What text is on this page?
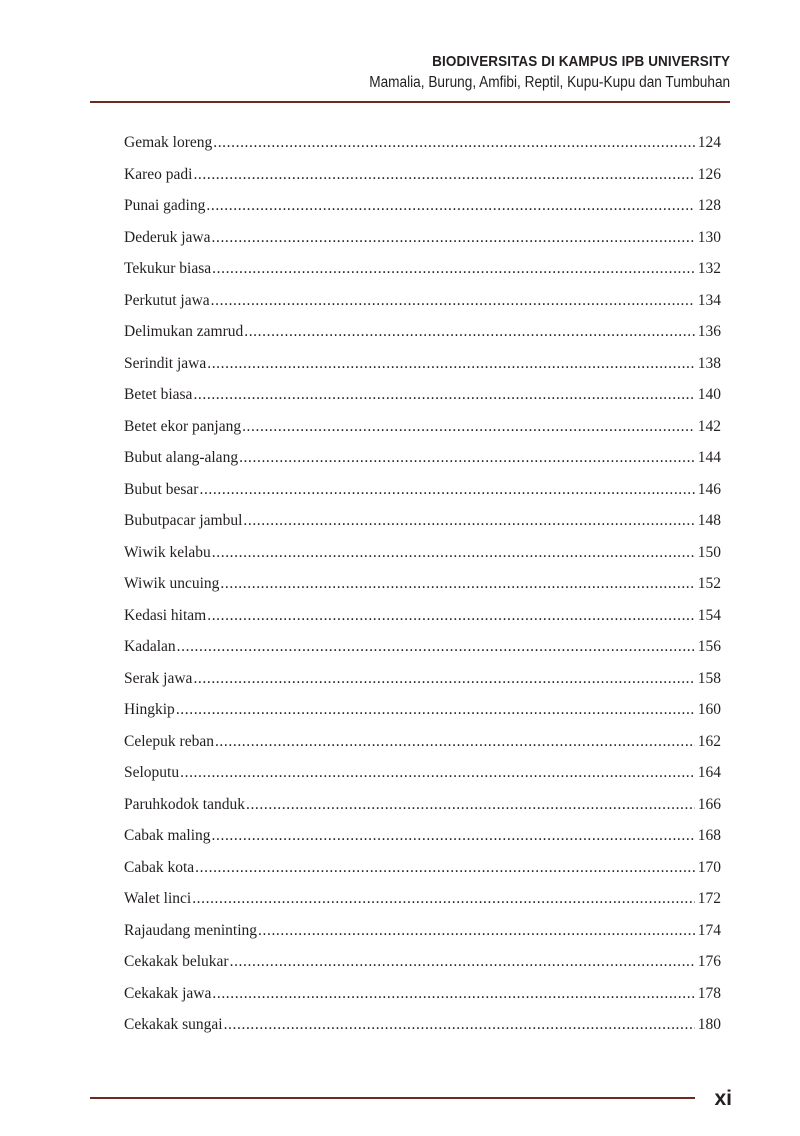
BIODIVERSITAS DI KAMPUS IPB UNIVERSITY
Mamalia, Burung, Amfibi, Reptil, Kupu-Kupu dan Tumbuhan
Gemak loreng .....	124
Kareo padi .....	126
Punai gading .....	128
Dederuk jawa .....	130
Tekukur biasa .....	132
Perkutut jawa .....	134
Delimukan zamrud .....	136
Serindit jawa .....	138
Betet biasa .....	140
Betet ekor panjang .....	142
Bubut alang-alang .....	144
Bubut besar .....	146
Bubutpacar jambul .....	148
Wiwik kelabu .....	150
Wiwik uncuing .....	152
Kedasi hitam .....	154
Kadalan .....	156
Serak jawa .....	158
Hingkip .....	160
Celepuk reban .....	162
Seloputu .....	164
Paruhkodok tanduk .....	166
Cabak maling .....	168
Cabak kota .....	170
Walet linci .....	172
Rajaudang meninting .....	174
Cekakak belukar .....	176
Cekakak jawa .....	178
Cekakak sungai .....	180
xi
